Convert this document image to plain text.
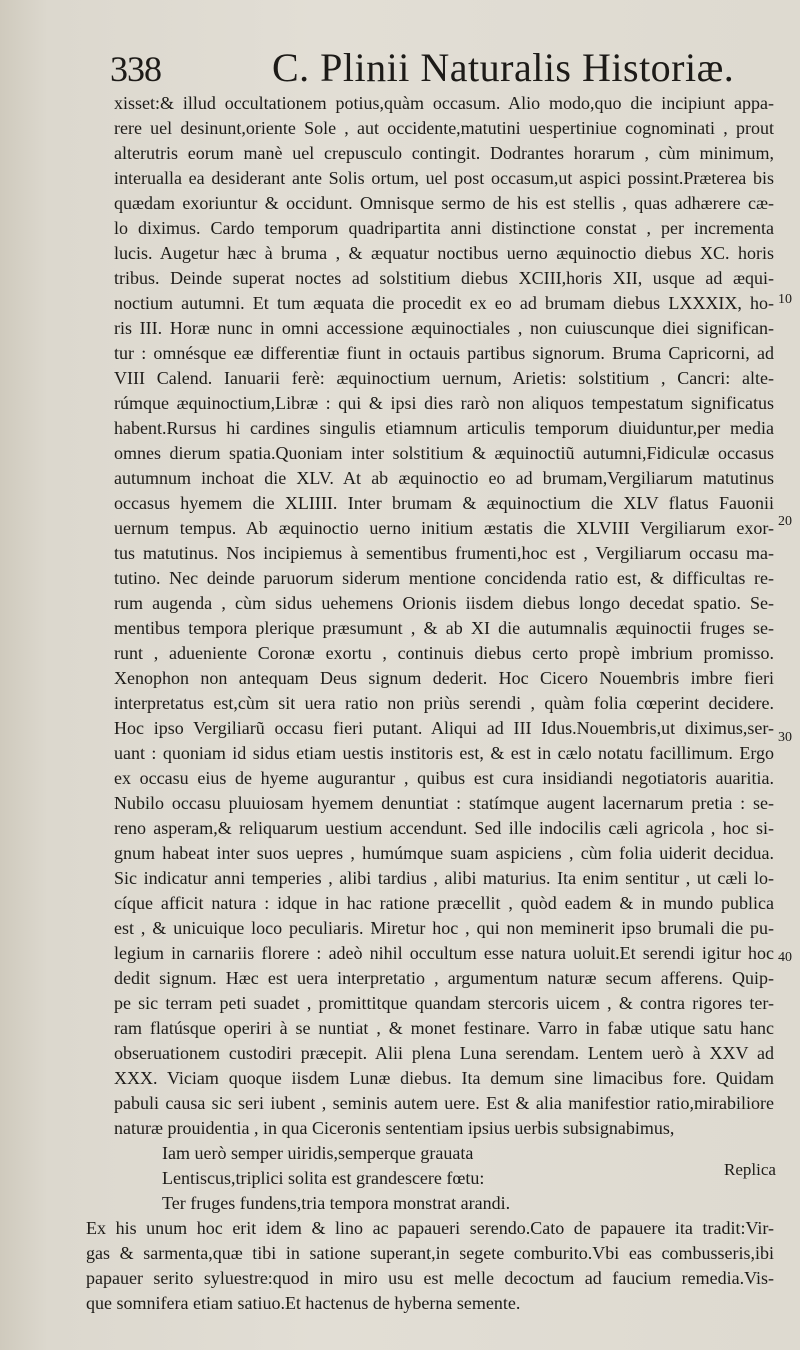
338	C. Plinii Naturalis Historiæ.
xisset:& illud occultationem potius,quàm occasum. Alio modo,quo die incipiunt appa-
rere uel desinunt,oriente Sole , aut occidente,matutini uespertiniue cognominati , prout
alterutris eorum manè uel crepusculo contingit. Dodrantes horarum , cùm minimum,
interualla ea desiderant ante Solis ortum, uel post occasum,ut aspici possint.Præterea bis
quædam exoriuntur & occidunt. Omnisque sermo de his est stellis , quas adhærere cæ-
lo diximus. Cardo temporum quadripartita anni distinctione constat , per incrementa
lucis. Augetur hæc à bruma , & æquatur noctibus uerno æquinoctio diebus XC. horis
tribus. Deinde superat noctes ad solstitium diebus XCIII,horis XII, usque ad æqui-
noctium autumni. Et tum æquata die procedit ex eo ad brumam diebus LXXXIX, ho-
ris III. Horæ nunc in omni accessione æquinoctiales , non cuiuscunque diei significan-
tur : omnésque eæ differentiæ fiunt in octauis partibus signorum. Bruma Capricorni, ad
VIII Calend. Ianuarii ferè: æquinoctium uernum, Arietis: solstitium , Cancri: alte-
rúmque æquinoctium,Libræ : qui & ipsi dies rarò non aliquos tempestatum significatus
habent.Rursus hi cardines singulis etiamnum articulis temporum diuiduntur,per media
omnes dierum spatia.Quoniam inter solstitium & æquinoctiũ autumni,Fidiculæ occasus
autumnum inchoat die XLV. At ab æquinoctio eo ad brumam,Vergiliarum matutinus
occasus hyemem die XLIIII. Inter brumam & æquinoctium die XLV flatus Fauonii
uernum tempus. Ab æquinoctio uerno initium æstatis die XLVIII Vergiliarum exor-
tus matutinus. Nos incipiemus à sementibus frumenti,hoc est , Vergiliarum occasu ma-
tutino. Nec deinde paruorum siderum mentione concidenda ratio est, & difficultas re-
rum augenda , cùm sidus uehemens Orionis iisdem diebus longo decedat spatio. Se-
mentibus tempora plerique præsumunt , & ab XI die autumnalis æquinoctii fruges se-
runt , adueniente Coronæ exortu , continuis diebus certo propè imbrium promisso.
Xenophon non antequam Deus signum dederit. Hoc Cicero Nouembris imbre fieri
interpretatus est,cùm sit uera ratio non priùs serendi , quàm folia cœperint decidere.
Hoc ipso Vergiliarũ occasu fieri putant. Aliqui ad III Idus.Nouembris,ut diximus,ser-
uant : quoniam id sidus etiam uestis institoris est, & est in cælo notatu facillimum. Ergo
ex occasu eius de hyeme augurantur , quibus est cura insidiandi negotiatoris auaritia.
Nubilo occasu pluuiosam hyemem denuntiat : statímque augent lacernarum pretia : se-
reno asperam,& reliquarum uestium accendunt. Sed ille indocilis cæli agricola , hoc si-
gnum habeat inter suos uepres , humúmque suam aspiciens , cùm folia uiderit decidua.
Sic indicatur anni temperies , alibi tardius , alibi maturius. Ita enim sentitur , ut cæli lo-
cíque afficit natura : idque in hac ratione præcellit , quòd eadem & in mundo publica
est , & unicuique loco peculiaris. Miretur hoc , qui non meminerit ipso brumali die pu-
legium in carnariis florere : adeò nihil occultum esse natura uoluit.Et serendi igitur hoc
dedit signum. Hæc est uera interpretatio , argumentum naturæ secum afferens. Quip-
pe sic terram peti suadet , promittitque quandam stercoris uicem , & contra rigores ter-
ram flatúsque operiri à se nuntiat , & monet festinare. Varro in fabæ utique satu hanc
obseruationem custodiri præcepit. Alii plena Luna serendam. Lentem uerò à XXV ad
XXX. Viciam quoque iisdem Lunæ diebus. Ita demum sine limacibus fore. Quidam
pabuli causa sic seri iubent , seminis autem uere. Est & alia manifestior ratio,mirabiliore
naturæ prouidentia , in qua Ciceronis sententiam ipsius uerbis subsignabimus,
Iam uerò semper uiridis,semperque grauata
Lentiscus,triplici solita est grandescere fœtu:
Ter fruges fundens,tria tempora monstrat arandi.
Ex his unum hoc erit idem & lino ac papaueri serendo.Cato de papauere ita tradit:Vir-
gas & sarmenta,quæ tibi in satione superant,in segete comburito.Vbi eas combusseris,ibi
papauer serito syluestre:quod in miro usu est melle decoctum ad faucium remedia.Vis-
que somnifera etiam satiuo.Et hactenus de hyberna semente.
10
20
30
40
Replica
